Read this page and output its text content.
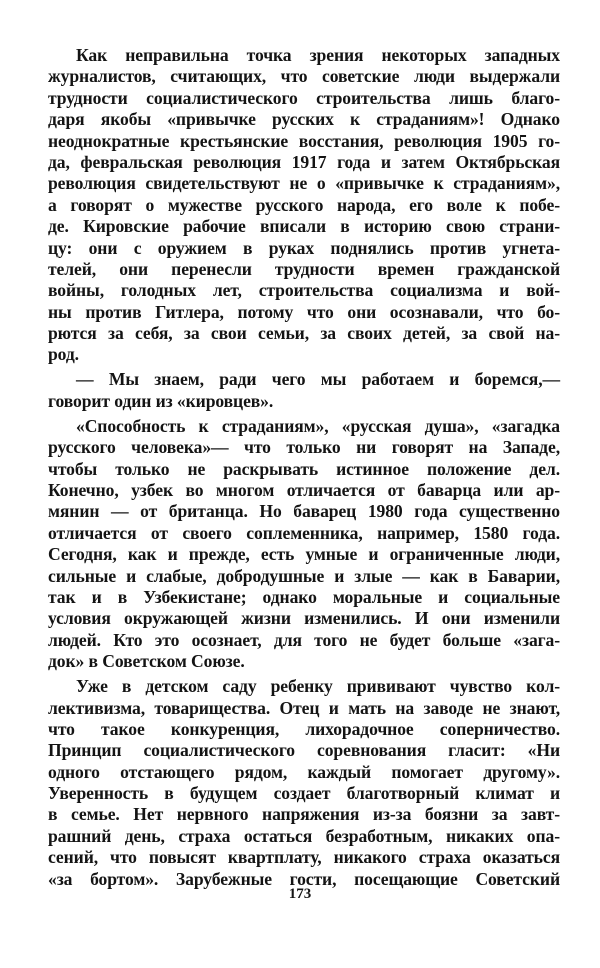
Как неправильна точка зрения некоторых западных
журналистов, считающих, что советские люди выдержали
трудности социалистического строительства лишь благо-
даря якобы «привычке русских к страданиям»! Однако
неоднократные крестьянские восстания, революция 1905 го-
да, февральская революция 1917 года и затем Октябрьская
революция свидетельствуют не о «привычке к страданиям»,
а говорят о мужестве русского народа, его воле к побе-
де. Кировские рабочие вписали в историю свою страни-
цу: они с оружием в руках поднялись против угнета-
телей, они перенесли трудности времен гражданской
войны, голодных лет, строительства социализма и вой-
ны против Гитлера, потому что они осознавали, что бо-
рются за себя, за свои семьи, за своих детей, за свой на-
род.
— Мы знаем, ради чего мы работаем и боремся,—
говорит один из «кировцев».
«Способность к страданиям», «русская душа», «загадка
русского человека»— что только ни говорят на Западе,
чтобы только не раскрывать истинное положение дел.
Конечно, узбек во многом отличается от баварца или ар-
мянин — от британца. Но баварец 1980 года существенно
отличается от своего соплеменника, например, 1580 года.
Сегодня, как и прежде, есть умные и ограниченные люди,
сильные и слабые, добродушные и злые — как в Баварии,
так и в Узбекистане; однако моральные и социальные
условия окружающей жизни изменились. И они изменили
людей. Кто это осознает, для того не будет больше «зага-
док» в Советском Союзе.
Уже в детском саду ребенку прививают чувство кол-
лективизма, товарищества. Отец и мать на заводе не знают,
что такое конкуренция, лихорадочное соперничество.
Принцип социалистического соревнования гласит: «Ни
одного отстающего рядом, каждый помогает другому».
Уверенность в будущем создает благотворный климат и
в семье. Нет нервного напряжения из-за боязни за завт-
рашний день, страха остаться безработным, никаких опа-
сений, что повысят квартплату, никакого страха оказаться
«за бортом». Зарубежные гости, посещающие Советский
173
